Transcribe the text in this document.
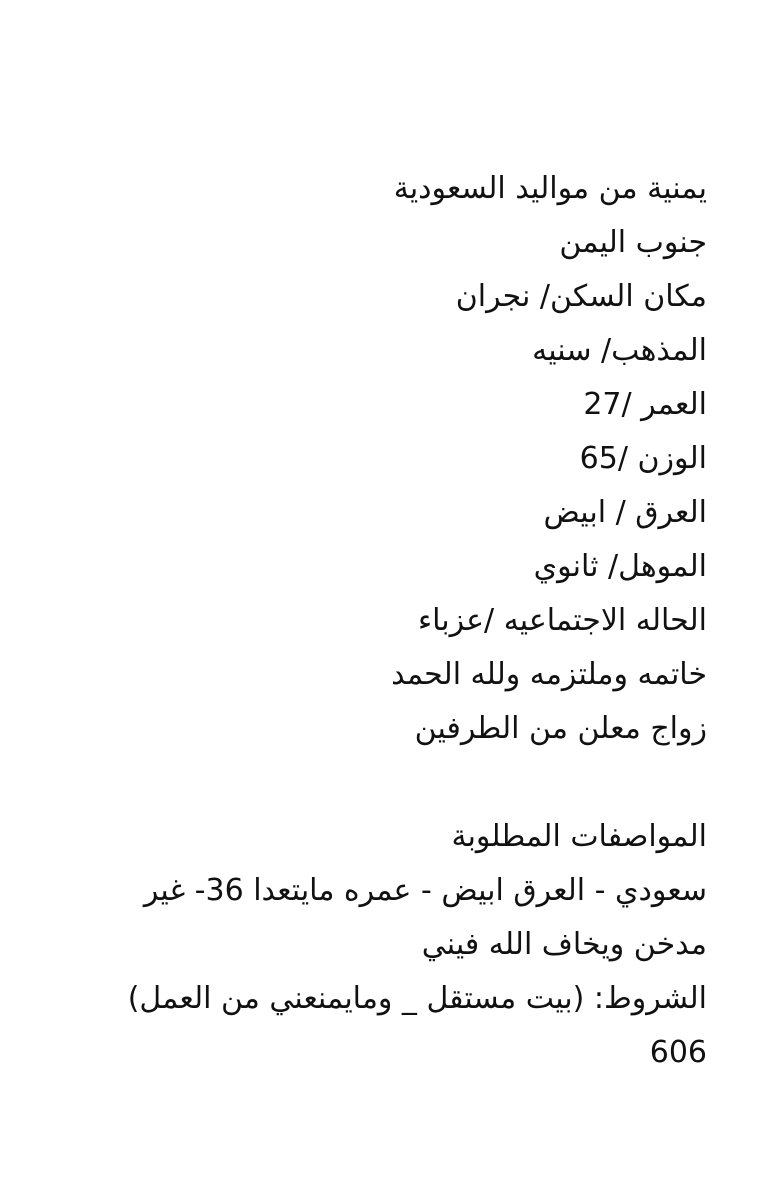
يمنية من مواليد السعودية
جنوب اليمن
مكان السكن/ نجران
المذهب/ سنيه
العمر /27
الوزن /65
العرق / ابيض
الموهل/ ثانوي
الحاله الاجتماعيه /عزباء
خاتمه وملتزمه ولله الحمد
زواج معلن من الطرفين
المواصفات المطلوبة
سعودي - العرق ابيض - عمره مايتعدا 36- غير
مدخن ويخاف الله فيني
الشروط: (بيت مستقل _ ومايمنعني من العمل)
606
